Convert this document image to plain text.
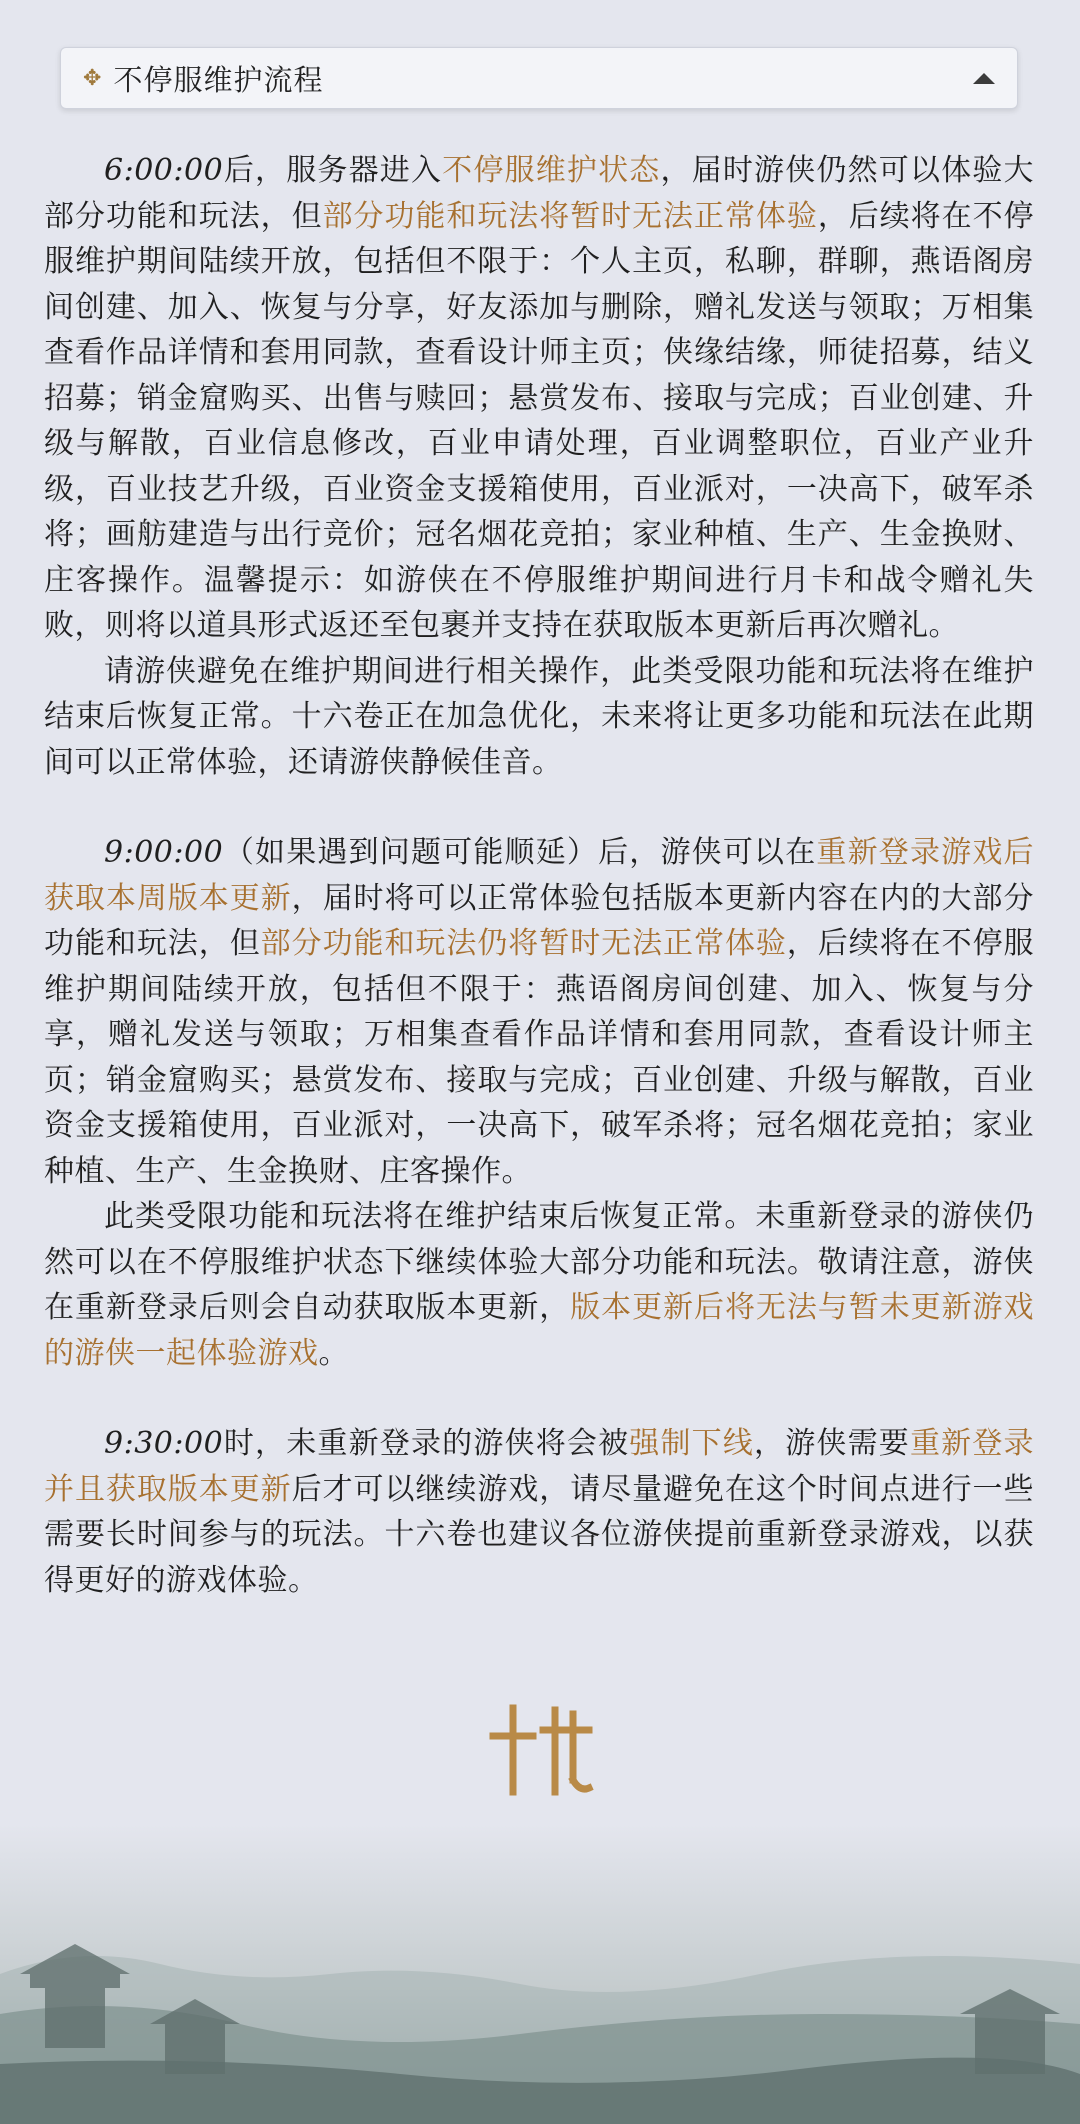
✥ 不停服维护流程

6:00:00后，服务器进入不停服维护状态，届时游侠仍然可以体验大部分功能和玩法，但部分功能和玩法将暂时无法正常体验，后续将在不停服维护期间陆续开放，包括但不限于：个人主页，私聊，群聊，燕语阁房间创建、加入、恢复与分享，好友添加与删除，赠礼发送与领取；万相集查看作品详情和套用同款，查看设计师主页；侠缘结缘，师徒招募，结义招募；销金窟购买、出售与赎回；悬赏发布、接取与完成；百业创建、升级与解散，百业信息修改，百业申请处理，百业调整职位，百业产业升级，百业技艺升级，百业资金支援箱使用，百业派对，一决高下，破军杀将；画舫建造与出行竞价；冠名烟花竞拍；家业种植、生产、生金换财、庄客操作。温馨提示：如游侠在不停服维护期间进行月卡和战令赠礼失败，则将以道具形式返还至包裹并支持在获取版本更新后再次赠礼。

请游侠避免在维护期间进行相关操作，此类受限功能和玩法将在维护结束后恢复正常。十六卷正在加急优化，未来将让更多功能和玩法在此期间可以正常体验，还请游侠静候佳音。

9:00:00（如果遇到问题可能顺延）后，游侠可以在重新登录游戏后获取本周版本更新，届时将可以正常体验包括版本更新内容在内的大部分功能和玩法，但部分功能和玩法仍将暂时无法正常体验，后续将在不停服维护期间陆续开放，包括但不限于：燕语阁房间创建、加入、恢复与分享，赠礼发送与领取；万相集查看作品详情和套用同款，查看设计师主页；销金窟购买；悬赏发布、接取与完成；百业创建、升级与解散，百业资金支援箱使用，百业派对，一决高下，破军杀将；冠名烟花竞拍；家业种植、生产、生金换财、庄客操作。

此类受限功能和玩法将在维护结束后恢复正常。未重新登录的游侠仍然可以在不停服维护状态下继续体验大部分功能和玩法。敬请注意，游侠在重新登录后则会自动获取版本更新，版本更新后将无法与暂未更新游戏的游侠一起体验游戏。

9:30:00时，未重新登录的游侠将会被强制下线，游侠需要重新登录并且获取版本更新后才可以继续游戏，请尽量避免在这个时间点进行一些需要长时间参与的玩法。十六卷也建议各位游侠提前重新登录游戏，以获得更好的游戏体验。
